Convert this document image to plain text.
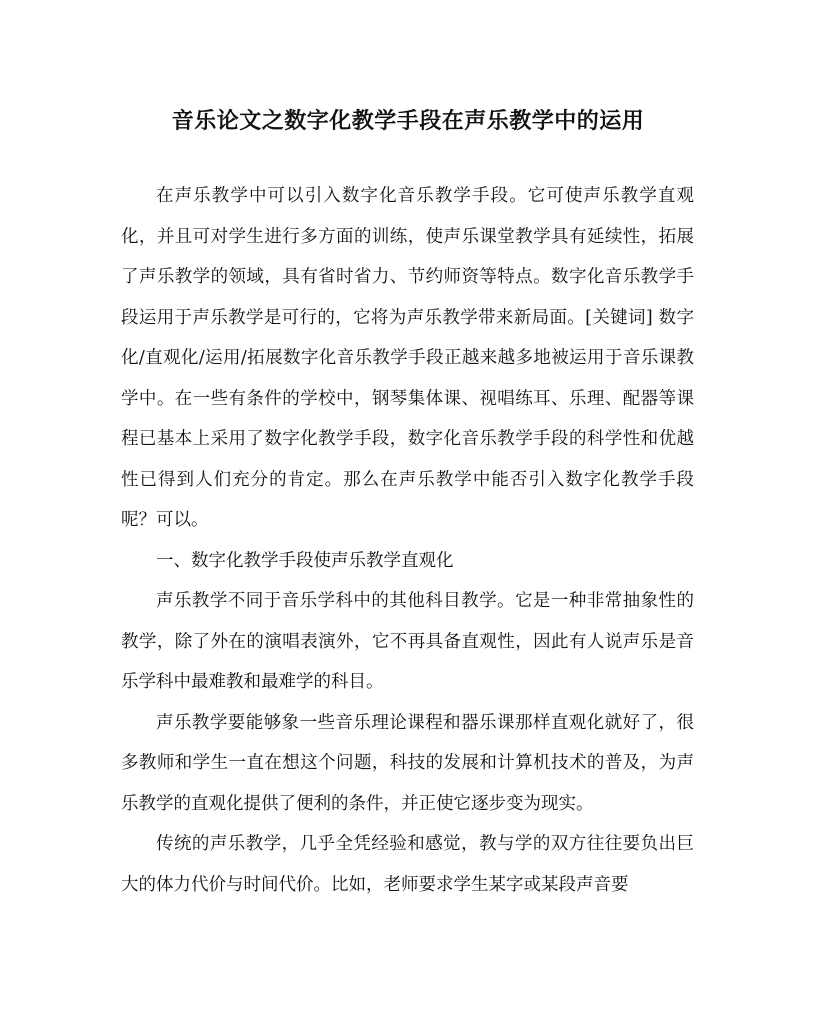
音乐论文之数字化教学手段在声乐教学中的运用

在声乐教学中可以引入数字化音乐教学手段。它可使声乐教学直观化，并且可对学生进行多方面的训练，使声乐课堂教学具有延续性，拓展了声乐教学的领域，具有省时省力、节约师资等特点。数字化音乐教学手段运用于声乐教学是可行的，它将为声乐教学带来新局面。[关键词] 数字化/直观化/运用/拓展数字化音乐教学手段正越来越多地被运用于音乐课教学中。在一些有条件的学校中，钢琴集体课、视唱练耳、乐理、配器等课程已基本上采用了数字化教学手段，数字化音乐教学手段的科学性和优越性已得到人们充分的肯定。那么在声乐教学中能否引入数字化教学手段呢？可以。

一、数字化教学手段使声乐教学直观化

声乐教学不同于音乐学科中的其他科目教学。它是一种非常抽象性的教学，除了外在的演唱表演外，它不再具备直观性，因此有人说声乐是音乐学科中最难教和最难学的科目。

声乐教学要能够象一些音乐理论课程和器乐课那样直观化就好了，很多教师和学生一直在想这个问题，科技的发展和计算机技术的普及，为声乐教学的直观化提供了便利的条件，并正使它逐步变为现实。

传统的声乐教学，几乎全凭经验和感觉，教与学的双方往往要负出巨大的体力代价与时间代价。比如，老师要求学生某字或某段声音要
